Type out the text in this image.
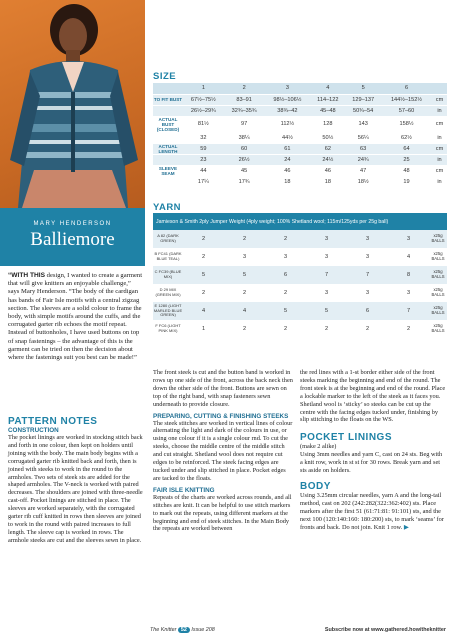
MARY HENDERSON
Balliemore
“WITH THIS design, I wanted to create a garment that will give knitters an enjoyable challenge,” says Mary Henderson. “The body of the cardigan has bands of Fair Isle motifs with a central zigzag section. The sleeves are a solid colour to frame the body, with simple motifs around the cuffs, and the corrugated garter rib echoes the motif repeat. Instead of buttonholes, I have used buttons on top of snap fastenings – the advantage of this is the garment can be tried on then the decision about where the fastenings suit you best can be made!”
SIZE
	1	2	3	4	5	6	
TO FIT BUST	67½–75½	83–91	98½–106½	114–122	129–137	144½–152½	cm
	26½–29¾	32¾–35¾	38¾–42	45–48	50¾–54	57–60	in
ACTUAL BUST (CLOSED)	81½	97	112½	128	143	158½	cm
	32	38¼	44½	50½	56¼	62½	in
ACTUAL LENGTH	59	60	61	62	63	64	cm
	23	26½	24	24½	24¾	25	in
SLEEVE SEAM	44	45	46	46	47	48	cm
	17¼	17¾	18	18	18½	19	in
YARN
Jamieson & Smith 2ply Jumper Weight (4ply weight; 100% Shetland wool; 115m/125yds per 25g ball)							
A 82 (DARK GREEN)	2	2	2	3	3	3	x25g BALLS
B FC41 (DARK BLUE TEAL)	2	3	3	3	3	4	x25g BALLS
C FC39 (BLUE MIX)	5	5	6	7	7	8	x25g BALLS
D 29 MIX (GREEN MIX)	2	2	2	3	3	3	x25g BALLS
E 1280 (LIGHT MARLED BLUE GREEN)	4	4	5	5	6	7	x25g BALLS
F FC6 (LIGHT PINK MIX)	1	2	2	2	2	2	x25g BALLS
PATTERN NOTES
CONSTRUCTION

The pocket linings are worked in stocking stitch back and forth in one colour, then kept on holders until joining with the body. The main body begins with a corrugated garter rib knitted back and forth, then is joined with steeks to work in the round to the armholes. Two sets of steek sts are added for the shaped armholes. The V-neck is worked with paired decreases. The shoulders are joined with three-needle cast-off. Pocket linings are stitched in place. The sleeves are worked separately, with the corrugated garter rib cuff knitted in rows then sleeves are joined to work in the round with paired increases to full length. The sleeve cap is worked in rows. The armhole steeks are cut and the sleeves sewn in place.

The front steek is cut and the button band is worked in rows up one side of the front, across the back neck then down the other side of the front. Buttons are sewn on top of the right band, with snap fasteners sewn underneath to provide closure.

PREPARING, CUTTING & FINISHING STEEKS

The steek stitches are worked in vertical lines of colour alternating the light and dark of the colours in use, or using one colour if it is a single colour rnd. To cut the steeks, choose the middle centre of the middle stitch and cut straight. Shetland wool does not require cut edges to be reinforced. The steek facing edges are tucked under and slip stitched in place. Pocket edges are tacked to the floats.

FAIR ISLE KNITTING

Repeats of the charts are worked across rounds, and all stitches are knit. It can be helpful to use stitch markers to mark out the repeats, using different markers at the beginning and end of steek stitches. In the Main Body the repeats are worked between

the red lines with a 1-st border either side of the front steeks marking the beginning and end of the round. The front steek is at the beginning and end of the round. Place a lockable marker to the left of the steek as it faces you. Shetland wool is ‘sticky’ so steeks can be cut up the centre with the facing edges tucked under, finishing by slip stitching to the floats on the WS.

POCKET LININGS
(make 2 alike)

Using 3mm needles and yarn C, cast on 24 sts. Beg with a knit row, work in st st for 30 rows. Break yarn and set sts aside on holders.

BODY

Using 3.25mm circular needles, yarn A and the long-tail method, cast on 202 (242:282(322:362:402) sts. Place markers after the first 51 (61:71:81: 91:101) sts, and the next 100 (120:140:160: 180:200) sts, to mark ‘seams’ for fronts and back. Do not join. Knit 1 row. ▶

The Knitter 52 Issue 208	Subscribe now at www.gathered.how/theknitter
